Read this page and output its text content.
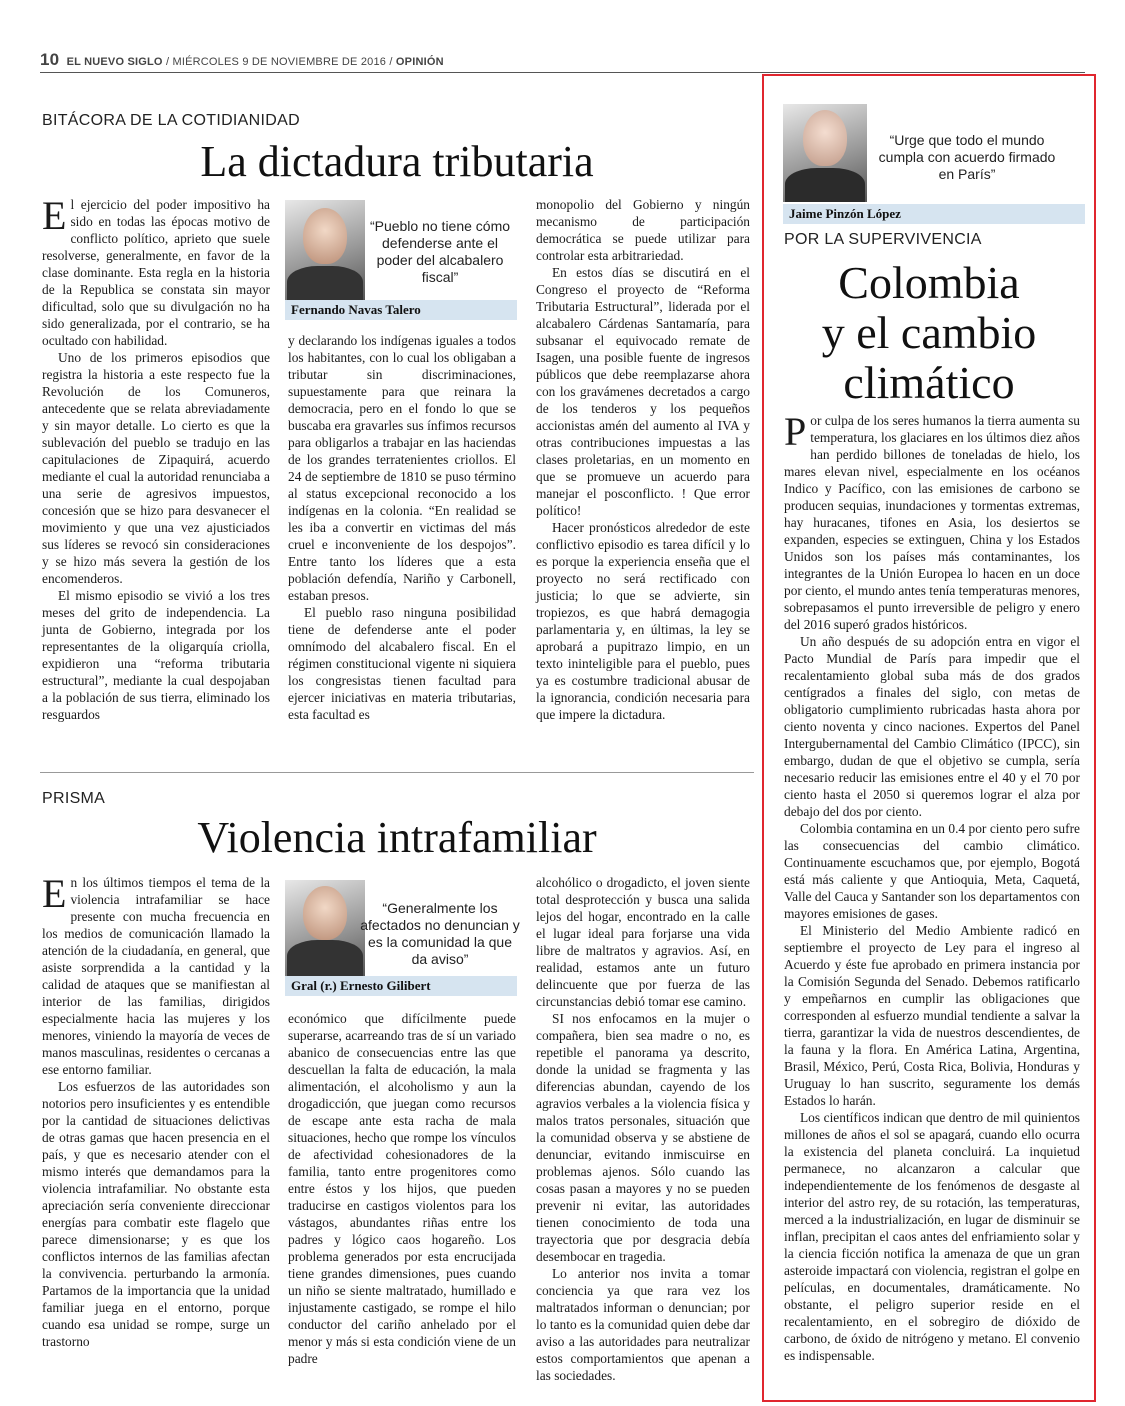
10 EL NUEVO SIGLO / MIÉRCOLES 9 DE NOVIEMBRE DE 2016 / OPINIÓN
BITÁCORA DE LA COTIDIANIDAD
La dictadura tributaria

El ejercicio del poder impositivo ha sido en todas las épocas motivo de conflicto político, aprieto que suele resolverse, generalmente, en favor de la clase dominante. Esta regla en la historia de la Republica se constata sin mayor dificultad, solo que su divulgación no ha sido generalizada, por el contrario, se ha ocultado con habilidad.

Uno de los primeros episodios que registra la historia a este respecto fue la Revolución de los Comuneros, antecedente que se relata abreviadamente y sin mayor detalle. Lo cierto es que la sublevación del pueblo se tradujo en las capitulaciones de Zipaquirá, acuerdo mediante el cual la autoridad renunciaba a una serie de agresivos impuestos, concesión que se hizo para desvanecer el movimiento y que una vez ajusticiados sus líderes se revocó sin consideraciones y se hizo más severa la gestión de los encomenderos.

El mismo episodio se vivió a los tres meses del grito de independencia. La junta de Gobierno, integrada por los representantes de la oligarquía criolla, expidieron una “reforma tributaria estructural”, mediante la cual despojaban a la población de sus tierra, eliminado los resguardos

“Pueblo no tiene cómo defenderse ante el poder del alcabalero fiscal”
Fernando Navas Talero

y declarando los indígenas iguales a todos los habitantes, con lo cual los obligaban a tributar sin discriminaciones, supuestamente para que reinara la democracia, pero en el fondo lo que se buscaba era gravarles sus ínfimos recursos para obligarlos a trabajar en las haciendas de los grandes terratenientes criollos. El 24 de septiembre de 1810 se puso término al status excepcional reconocido a los indígenas en la colonia. “En realidad se les iba a convertir en victimas del más cruel e inconveniente de los despojos”. Entre tanto los líderes que a esta población defendía, Nariño y Carbonell, estaban presos.

El pueblo raso ninguna posibilidad tiene de defenderse ante el poder omnímodo del alcabalero fiscal. En el régimen constitucional vigente ni siquiera los congresistas tienen facultad para ejercer iniciativas en materia tributarias, esta facultad es

monopolio del Gobierno y ningún mecanismo de participación democrática se puede utilizar para controlar esta arbitrariedad.

En estos días se discutirá en el Congreso el proyecto de “Reforma Tributaria Estructural”, liderada por el alcabalero Cárdenas Santamaría, para subsanar el equivocado remate de Isagen, una posible fuente de ingresos públicos que debe reemplazarse ahora con los gravámenes decretados a cargo de los tenderos y los pequeños accionistas amén del aumento al IVA y otras contribuciones impuestas a las clases proletarias, en un momento en que se promueve un acuerdo para manejar el posconflicto. ! Que error político!

Hacer pronósticos alrededor de este conflictivo episodio es tarea difícil y lo es porque la experiencia enseña que el proyecto no será rectificado con justicia; lo que se advierte, sin tropiezos, es que habrá demagogia parlamentaria y, en últimas, la ley se aprobará a pupitrazo limpio, en un texto ininteligible para el pueblo, pues ya es costumbre tradicional abusar de la ignorancia, condición necesaria para que impere la dictadura.

PRISMA
Violencia intrafamiliar

En los últimos tiempos el tema de la violencia intrafamiliar se hace presente con mucha frecuencia en los medios de comunicación llamado la atención de la ciudadanía, en general, que asiste sorprendida a la cantidad y la calidad de ataques que se manifiestan al interior de las familias, dirigidos especialmente hacia las mujeres y los menores, viniendo la mayoría de veces de manos masculinas, residentes o cercanas a ese entorno familiar.

Los esfuerzos de las autoridades son notorios pero insuficientes y es entendible por la cantidad de situaciones delictivas de otras gamas que hacen presencia en el país, y que es necesario atender con el mismo interés que demandamos para la violencia intrafamiliar. No obstante esta apreciación sería conveniente direccionar energías para combatir este flagelo que parece dimensionarse; y es que los conflictos internos de las familias afectan la convivencia. perturbando la armonía. Partamos de la importancia que la unidad familiar juega en el entorno, porque cuando esa unidad se rompe, surge un trastorno

“Generalmente los afectados no denuncian y es la comunidad la que da aviso”
Gral (r.) Ernesto Gilibert

económico que difícilmente puede superarse, acarreando tras de sí un variado abanico de consecuencias entre las que descuellan la falta de educación, la mala alimentación, el alcoholismo y aun la drogadicción, que juegan como recursos de escape ante esta racha de mala situaciones, hecho que rompe los vínculos de afectividad cohesionadores de la familia, tanto entre progenitores como entre éstos y los hijos, que pueden traducirse en castigos violentos para los vástagos, abundantes riñas entre los padres y lógico caos hogareño. Los problema generados por esta encrucijada tiene grandes dimensiones, pues cuando un niño se siente maltratado, humillado e injustamente castigado, se rompe el hilo conductor del cariño anhelado por el menor y más si esta condición viene de un padre

alcohólico o drogadicto, el joven siente total desprotección y busca una salida lejos del hogar, encontrado en la calle el lugar ideal para forjarse una vida libre de maltratos y agravios. Así, en realidad, estamos ante un futuro delincuente que por fuerza de las circunstancias debió tomar ese camino.

SI nos enfocamos en la mujer o compañera, bien sea madre o no, es repetible el panorama ya descrito, donde la unidad se fragmenta y las diferencias abundan, cayendo de los agravios verbales a la violencia física y malos tratos personales, situación que la comunidad observa y se abstiene de denunciar, evitando inmiscuirse en problemas ajenos. Sólo cuando las cosas pasan a mayores y no se pueden prevenir ni evitar, las autoridades tienen conocimiento de toda una trayectoria que por desgracia debía desembocar en tragedia.

Lo anterior nos invita a tomar conciencia ya que rara vez los maltratados informan o denuncian; por lo tanto es la comunidad quien debe dar aviso a las autoridades para neutralizar estos comportamientos que apenan a las sociedades.

“Urge que todo el mundo cumpla con acuerdo firmado en París”
Jaime Pinzón López
POR LA SUPERVIVENCIA
Colombia
y el cambio
climático

Por culpa de los seres humanos la tierra aumenta su temperatura, los glaciares en los últimos diez años han perdido billones de toneladas de hielo, los mares elevan nivel, especialmente en los océanos Indico y Pacífico, con las emisiones de carbono se producen sequias, inundaciones y tormentas extremas, hay huracanes, tifones en Asia, los desiertos se expanden, especies se extinguen, China y los Estados Unidos son los países más contaminantes, los integrantes de la Unión Europea lo hacen en un doce por ciento, el mundo antes tenía temperaturas menores, sobrepasamos el punto irreversible de peligro y enero del 2016 superó grados históricos.

Un año después de su adopción entra en vigor el Pacto Mundial de París para impedir que el recalentamiento global suba más de dos grados centígrados a finales del siglo, con metas de obligatorio cumplimiento rubricadas hasta ahora por ciento noventa y cinco naciones. Expertos del Panel Intergubernamental del Cambio Climático (IPCC), sin embargo, dudan de que el objetivo se cumpla, sería necesario reducir las emisiones entre el 40 y el 70 por ciento hasta el 2050 si queremos lograr el alza por debajo del dos por ciento.

Colombia contamina en un 0.4 por ciento pero sufre las consecuencias del cambio climático. Continuamente escuchamos que, por ejemplo, Bogotá está más caliente y que Antioquia, Meta, Caquetá, Valle del Cauca y Santander son los departamentos con mayores emisiones de gases.

El Ministerio del Medio Ambiente radicó en septiembre el proyecto de Ley para el ingreso al Acuerdo y éste fue aprobado en primera instancia por la Comisión Segunda del Senado. Debemos ratificarlo y empeñarnos en cumplir las obligaciones que corresponden al esfuerzo mundial tendiente a salvar la tierra, garantizar la vida de nuestros descendientes, de la fauna y la flora. En América Latina, Argentina, Brasil, México, Perú, Costa Rica, Bolivia, Honduras y Uruguay lo han suscrito, seguramente los demás Estados lo harán.

Los científicos indican que dentro de mil quinientos millones de años el sol se apagará, cuando ello ocurra la existencia del planeta concluirá. La inquietud permanece, no alcanzaron a calcular que independientemente de los fenómenos de desgaste al interior del astro rey, de su rotación, las temperaturas, merced a la industrialización, en lugar de disminuir se inflan, precipitan el caos antes del enfriamiento solar y la ciencia ficción notifica la amenaza de que un gran asteroide impactará con violencia, registran el golpe en películas, en documentales, dramáticamente. No obstante, el peligro superior reside en el recalentamiento, en el sobregiro de dióxido de carbono, de óxido de nitrógeno y metano. El convenio es indispensable.
